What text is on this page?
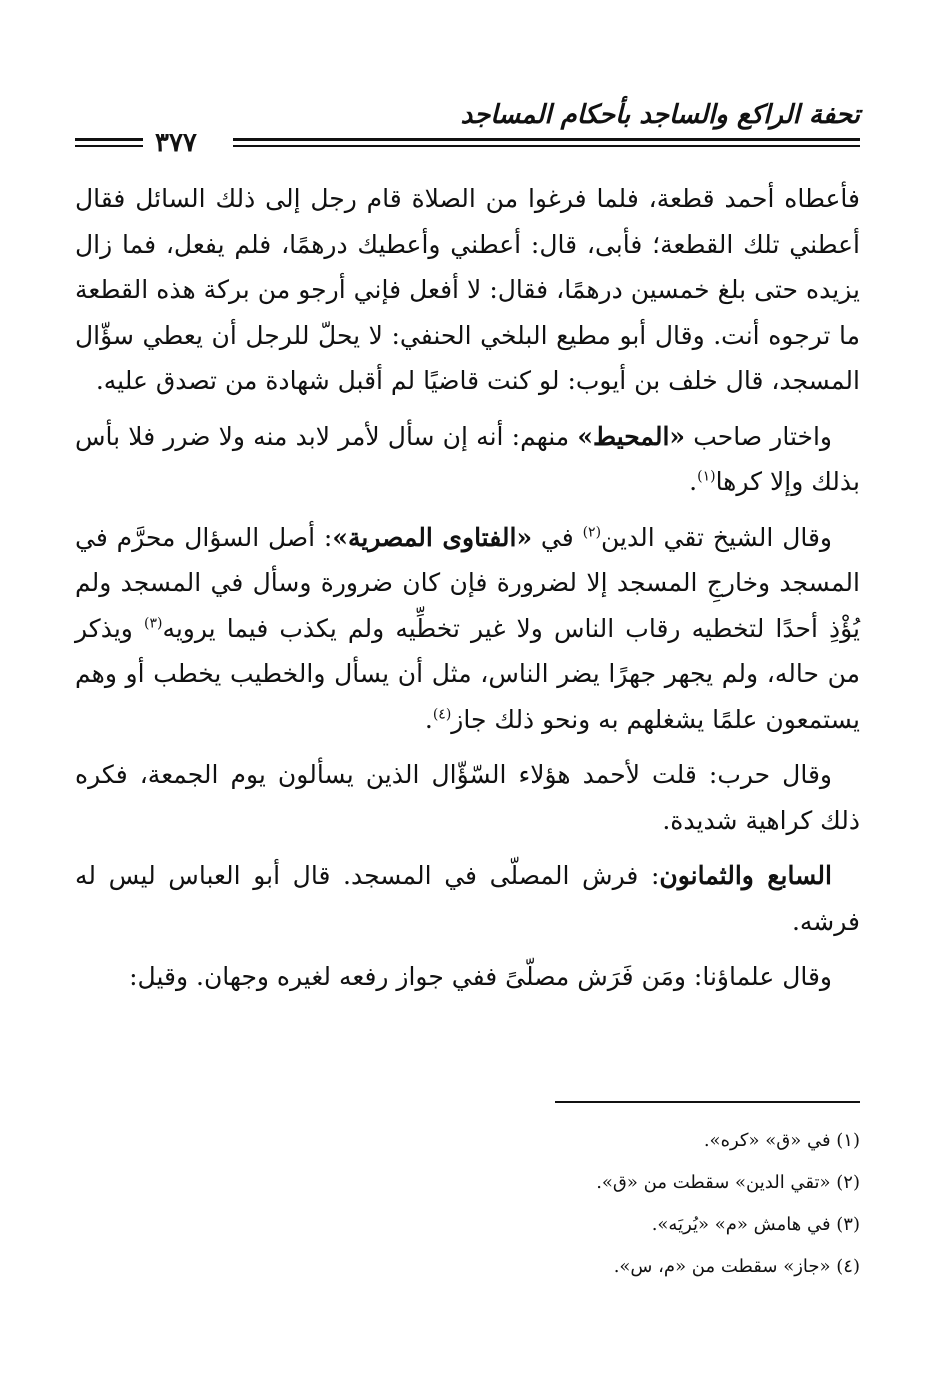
تحفة الراكع والساجد بأحكام المساجد
٣٧٧

فأعطاه أحمد قطعة، فلما فرغوا من الصلاة قام رجل إلى ذلك السائل فقال أعطني تلك القطعة؛ فأبى، قال: أعطني وأعطيك درهمًا، فلم يفعل، فما زال يزيده حتى بلغ خمسين درهمًا، فقال: لا أفعل فإني أرجو من بركة هذه القطعة ما ترجوه أنت. وقال أبو مطيع البلخي الحنفي: لا يحلّ للرجل أن يعطي سؤّال المسجد، قال خلف بن أيوب: لو كنت قاضيًا لم أقبل شهادة من تصدق عليه.

واختار صاحب «المحيط» منهم: أنه إن سأل لأمر لابد منه ولا ضرر فلا بأس بذلك وإلا كرها$^{(١)}$.

وقال الشيخ تقي الدين$^{(٢)}$ في «الفتاوى المصرية»: أصل السؤال محرَّم في المسجد وخارجِ المسجد إلا لضرورة فإن كان ضرورة وسأل في المسجد ولم يُؤْذِ أحدًا لتخطيه رقاب الناس ولا غير تخطِّيه ولم يكذب فيما يرويه$^{(٣)}$ ويذكر من حاله، ولم يجهر جهرًا يضر الناس، مثل أن يسأل والخطيب يخطب أو وهم يستمعون علمًا يشغلهم به ونحو ذلك جاز$^{(٤)}$.

وقال حرب: قلت لأحمد هؤلاء السّؤّال الذين يسألون يوم الجمعة، فكره ذلك كراهية شديدة.

السابع والثمانون: فرش المصلّى في المسجد. قال أبو العباس ليس له فرشه.

وقال علماؤنا: ومَن فَرَش مصلّىً ففي جواز رفعه لغيره وجهان. وقيل:

(١) في «ق» «كره».
(٢) «تقي الدين» سقطت من «ق».
(٣) في هامش «م» «يُريَه».
(٤) «جاز» سقطت من «م، س».
